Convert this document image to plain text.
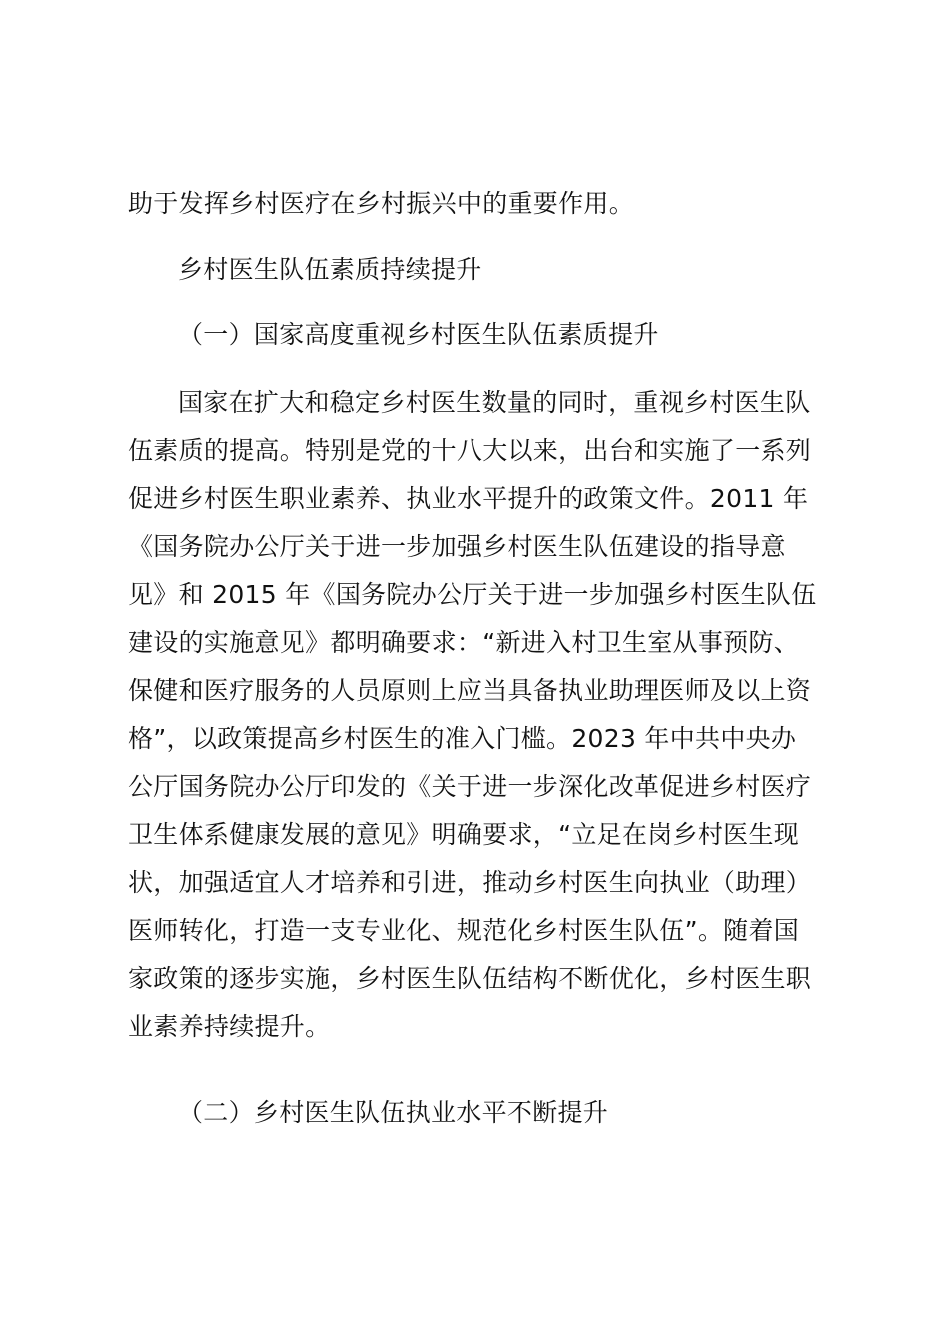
助于发挥乡村医疗在乡村振兴中的重要作用。
乡村医生队伍素质持续提升
（一）国家高度重视乡村医生队伍素质提升
国家在扩大和稳定乡村医生数量的同时，重视乡村医生队
伍素质的提高。特别是党的十八大以来，出台和实施了一系列
促进乡村医生职业素养、执业水平提升的政策文件。2011 年
《国务院办公厅关于进一步加强乡村医生队伍建设的指导意
见》和 2015 年《国务院办公厅关于进一步加强乡村医生队伍
建设的实施意见》都明确要求：“新进入村卫生室从事预防、
保健和医疗服务的人员原则上应当具备执业助理医师及以上资
格”，以政策提高乡村医生的准入门槛。2023 年中共中央办
公厅国务院办公厅印发的《关于进一步深化改革促进乡村医疗
卫生体系健康发展的意见》明确要求，“立足在岗乡村医生现
状，加强适宜人才培养和引进，推动乡村医生向执业（助理）
医师转化，打造一支专业化、规范化乡村医生队伍”。随着国
家政策的逐步实施，乡村医生队伍结构不断优化，乡村医生职
业素养持续提升。
（二）乡村医生队伍执业水平不断提升
